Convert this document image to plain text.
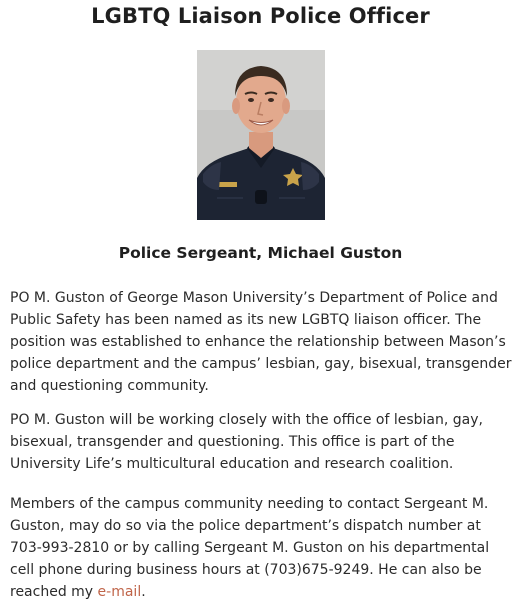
LGBTQ Liaison Police Officer
Police Sergeant, Michael Guston

PO M. Guston of George Mason University’s Department of Police and Public Safety has been named as its new LGBTQ liaison officer. The position was established to enhance the relationship between Mason’s police department and the campus’ lesbian, gay, bisexual, transgender and questioning community.

PO M. Guston will be working closely with the office of lesbian, gay, bisexual, transgender and questioning. This office is part of the University Life’s multicultural education and research coalition.

Members of the campus community needing to contact Sergeant M. Guston, may do so via the police department’s dispatch number at 703-993-2810 or by calling Sergeant M. Guston on his departmental cell phone during business hours at (703)675-9249. He can also be reached my e-mail.
